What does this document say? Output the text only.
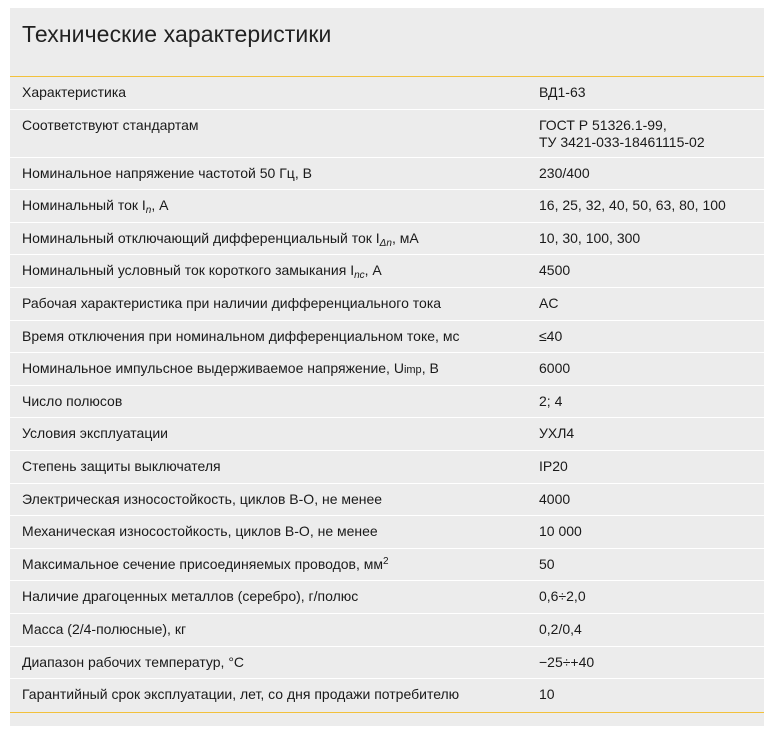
Технические характеристики
Характеристика	ВД1-63
Соответствуют стандартам	ГОСТ Р 51326.1-99,
ТУ 3421-033-18461115-02
Номинальное напряжение частотой 50 Гц, В	230/400
Номинальный ток $I_n$, А	16, 25, 32, 40, 50, 63, 80, 100
Номинальный отключающий дифференциальный ток $I_{\Delta n}$, мА	10, 30, 100, 300
Номинальный условный ток короткого замыкания $I_{nc}$, А	4500
Рабочая характеристика при наличии дифференциального тока	AC
Время отключения при номинальном дифференциальном токе, мс	≤40
Номинальное импульсное выдерживаемое напряжение, Uimp, В	6000
Число полюсов	2; 4
Условия эксплуатации	УХЛ4
Степень защиты выключателя	IP20
Электрическая износостойкость, циклов В-О, не менее	4000
Механическая износостойкость, циклов В-О, не менее	10 000
Максимальное сечение присоединяемых проводов, $мм^2$	50
Наличие драгоценных металлов (серебро), г/полюс	0,6÷2,0
Масса (2/4-полюсные), кг	0,2/0,4
Диапазон рабочих температур, °С	−25÷+40
Гарантийный срок эксплуатации, лет, со дня продажи потребителю	10
